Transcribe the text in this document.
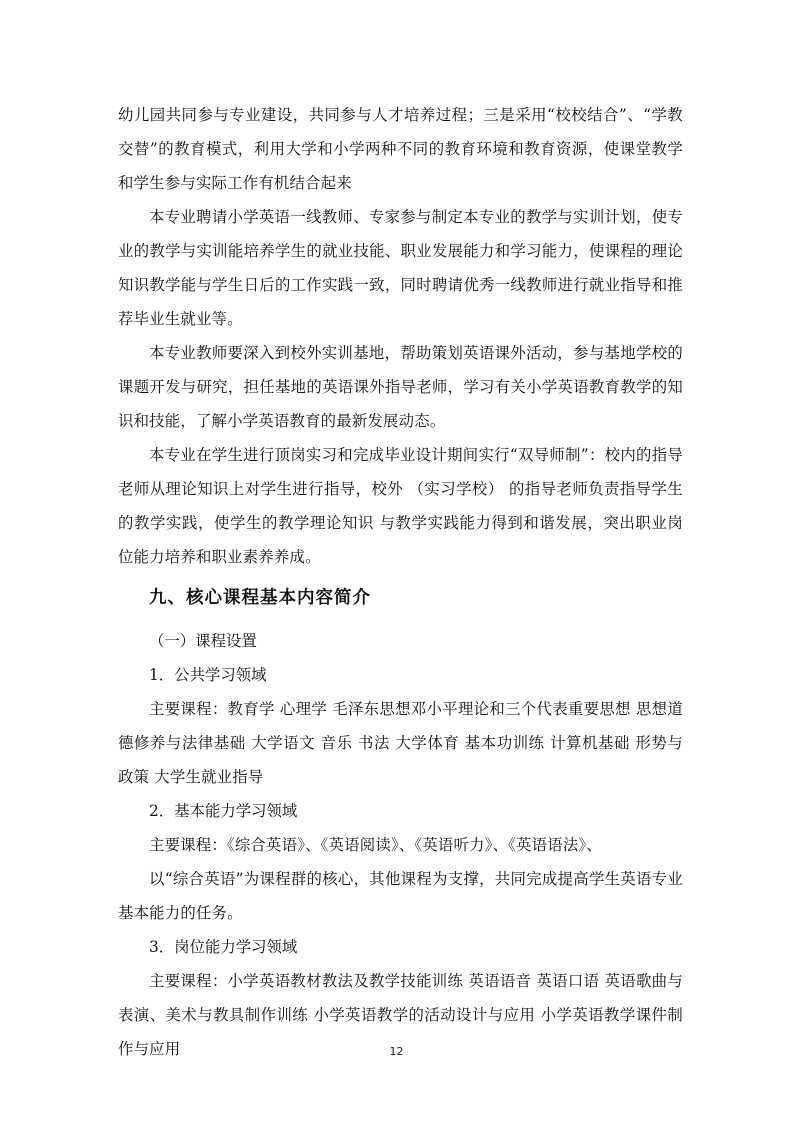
幼儿园共同参与专业建设，共同参与人才培养过程；三是采用“校校结合”、“学教交替”的教育模式，利用大学和小学两种不同的教育环境和教育资源，使课堂教学和学生参与实际工作有机结合起来

本专业聘请小学英语一线教师、专家参与制定本专业的教学与实训计划，使专业的教学与实训能培养学生的就业技能、职业发展能力和学习能力，使课程的理论知识教学能与学生日后的工作实践一致，同时聘请优秀一线教师进行就业指导和推荐毕业生就业等。

本专业教师要深入到校外实训基地，帮助策划英语课外活动，参与基地学校的课题开发与研究，担任基地的英语课外指导老师，学习有关小学英语教育教学的知识和技能，了解小学英语教育的最新发展动态。

本专业在学生进行顶岗实习和完成毕业设计期间实行“双导师制”：校内的指导老师从理论知识上对学生进行指导，校外 （实习学校） 的指导老师负责指导学生的教学实践，使学生的教学理论知识 与教学实践能力得到和谐发展，突出职业岗位能力培养和职业素养养成。

九、核心课程基本内容简介

（一）课程设置

1．公共学习领域

主要课程：教育学 心理学 毛泽东思想邓小平理论和三个代表重要思想 思想道德修养与法律基础 大学语文 音乐 书法 大学体育 基本功训练 计算机基础 形势与政策 大学生就业指导

2．基本能力学习领域

主要课程：《综合英语》、《英语阅读》、《英语听力》、《英语语法》、

以“综合英语”为课程群的核心，其他课程为支撑，共同完成提高学生英语专业基本能力的任务。

3．岗位能力学习领域

主要课程：小学英语教材教法及教学技能训练 英语语音 英语口语 英语歌曲与表演、美术与教具制作训练 小学英语教学的活动设计与应用 小学英语教学课件制作与应用	12
